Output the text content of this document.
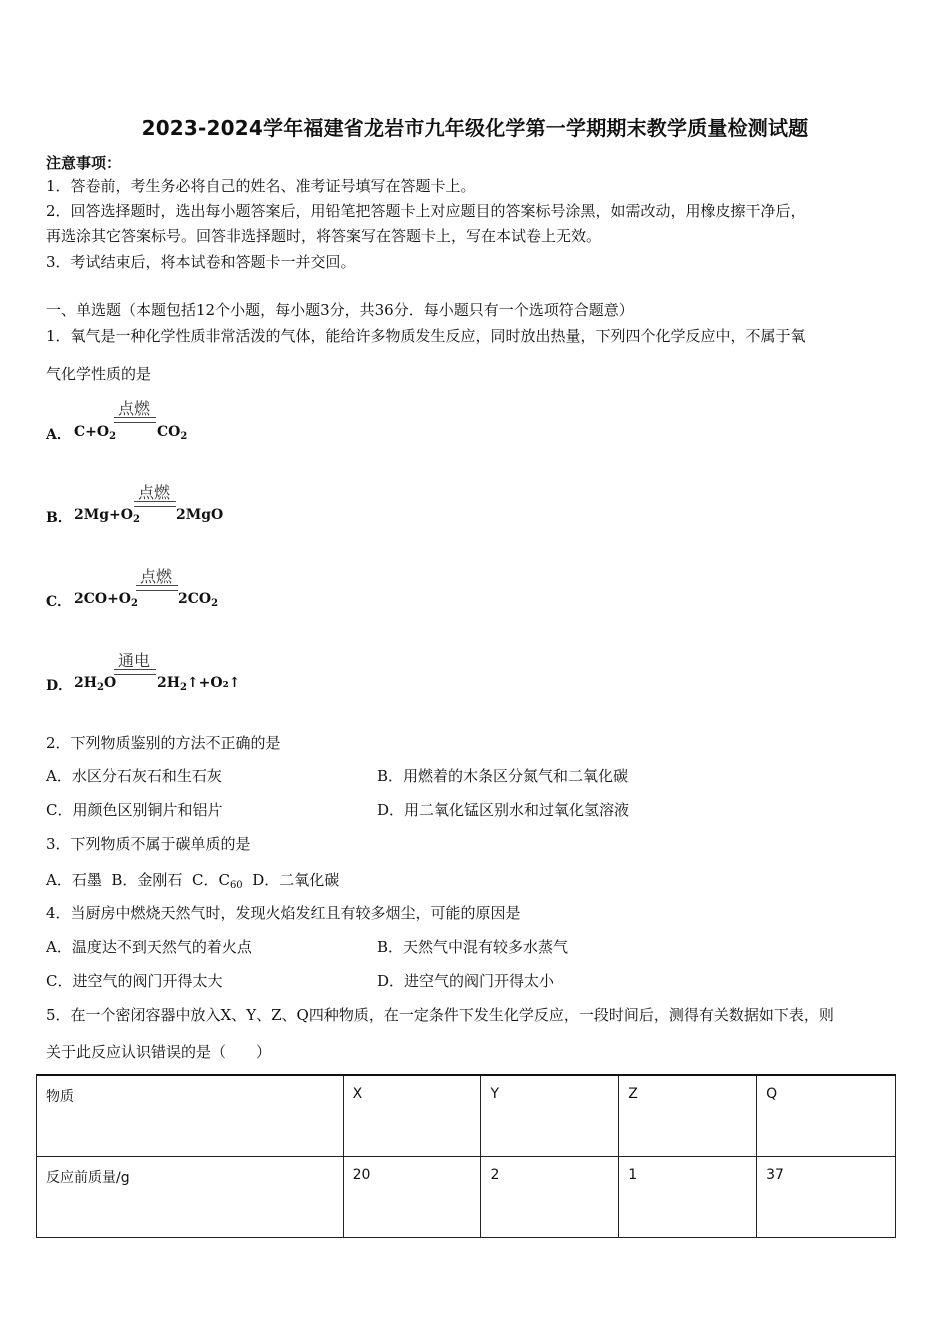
2023-2024学年福建省龙岩市九年级化学第一学期期末教学质量检测试题
注意事项：
1．答卷前，考生务必将自己的姓名、准考证号填写在答题卡上。
2．回答选择题时，选出每小题答案后，用铅笔把答题卡上对应题目的答案标号涂黑，如需改动，用橡皮擦干净后，
再选涂其它答案标号。回答非选择题时，将答案写在答题卡上，写在本试卷上无效。
3．考试结束后，将本试卷和答题卡一并交回。
一、单选题（本题包括12个小题，每小题3分，共36分．每小题只有一个选项符合题意）
1．氧气是一种化学性质非常活泼的气体，能给许多物质发生反应，同时放出热量，下列四个化学反应中，不属于氧
气化学性质的是
点燃
A． $C+O_2$	$CO_2$
点燃
B． $2Mg+O_2$	2MgO
点燃
C． $2CO+O_2$	$2CO_2$
通电
D． $2H_2O$	$2H_2↑+O_2↑$
2．下列物质鉴别的方法不正确的是
A．水区分石灰石和生石灰	B．用燃着的木条区分氮气和二氧化碳
C．用颜色区别铜片和铝片	D．用二氧化锰区别水和过氧化氢溶液
3．下列物质不属于碳单质的是
A．石墨 B．金刚石 C．$C_{60}$ D．二氧化碳
4．当厨房中燃烧天然气时，发现火焰发红且有较多烟尘，可能的原因是
A．温度达不到天然气的着火点	B．天然气中混有较多水蒸气
C．进空气的阀门开得太大	D．进空气的阀门开得太小
5．在一个密闭容器中放入X、Y、Z、Q四种物质，在一定条件下发生化学反应，一段时间后，测得有关数据如下表，则
关于此反应认识错误的是（　　）
物质	X	Y	Z	Q
反应前质量/g	20	2	1	37
